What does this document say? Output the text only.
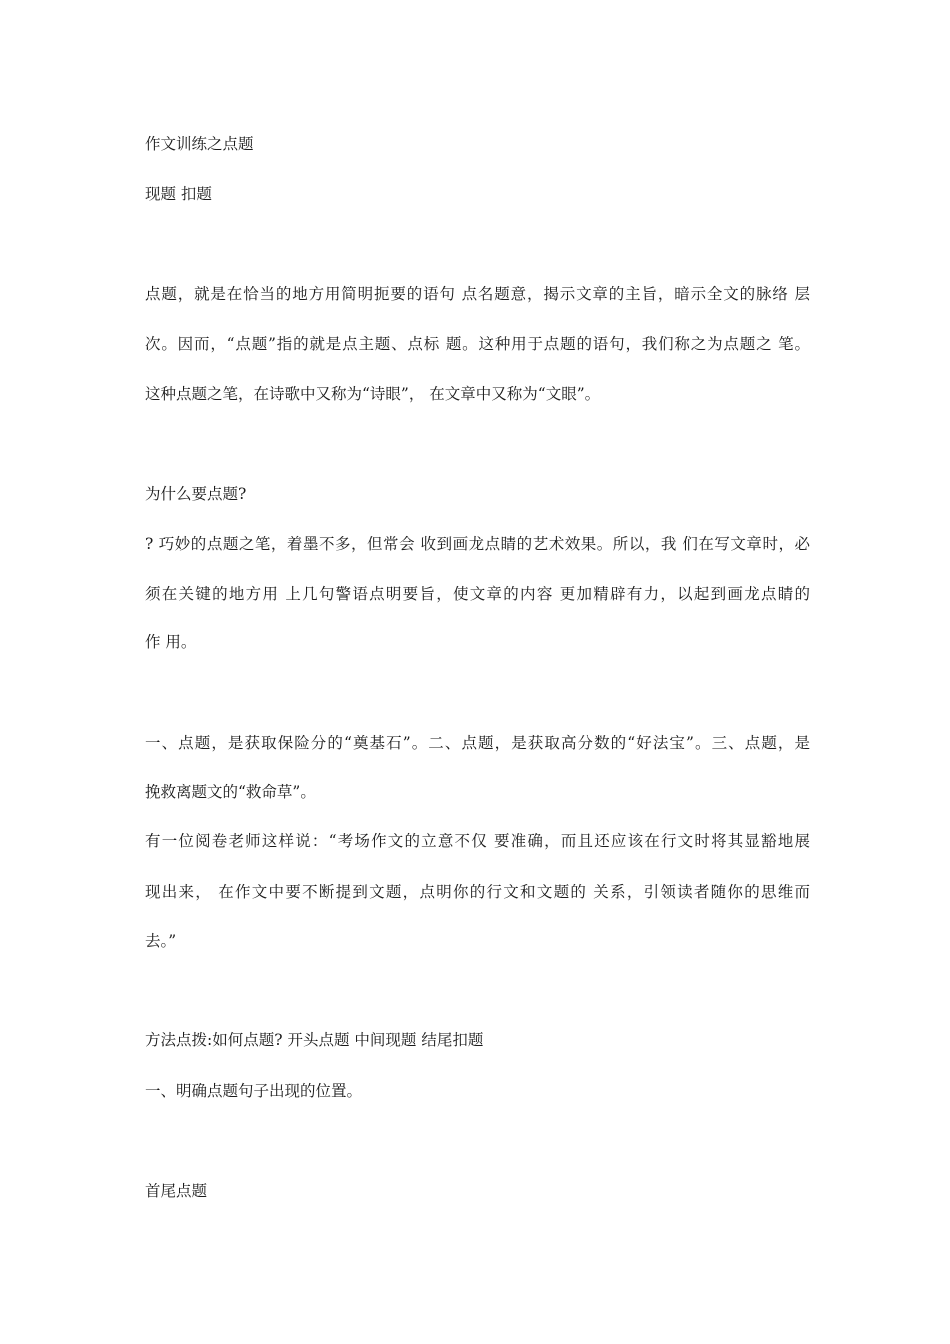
作文训练之点题
现题 扣题
点题，就是在恰当的地方用简明扼要的语句 点名题意，揭示文章的主旨，暗示全文的脉络 层
次。因而，“点题”指的就是点主题、点标 题。这种用于点题的语句，我们称之为点题之 笔。
这种点题之笔，在诗歌中又称为“诗眼”， 在文章中又称为“文眼”。
为什么要点题?
? 巧妙的点题之笔，着墨不多，但常会 收到画龙点睛的艺术效果。所以，我 们在写文章时，必
须在关键的地方用 上几句警语点明要旨，使文章的内容 更加精辟有力，以起到画龙点睛的
作 用。
一、点题，是获取保险分的“奠基石”。二、点题，是获取高分数的“好法宝”。三、点题，是
挽救离题文的“救命草”。
有一位阅卷老师这样说：“考场作文的立意不仅 要准确，而且还应该在行文时将其显豁地展
现出来， 在作文中要不断提到文题，点明你的行文和文题的 关系，引领读者随你的思维而
去。”
方法点拨:如何点题? 开头点题 中间现题 结尾扣题
一、明确点题句子出现的位置。
首尾点题
